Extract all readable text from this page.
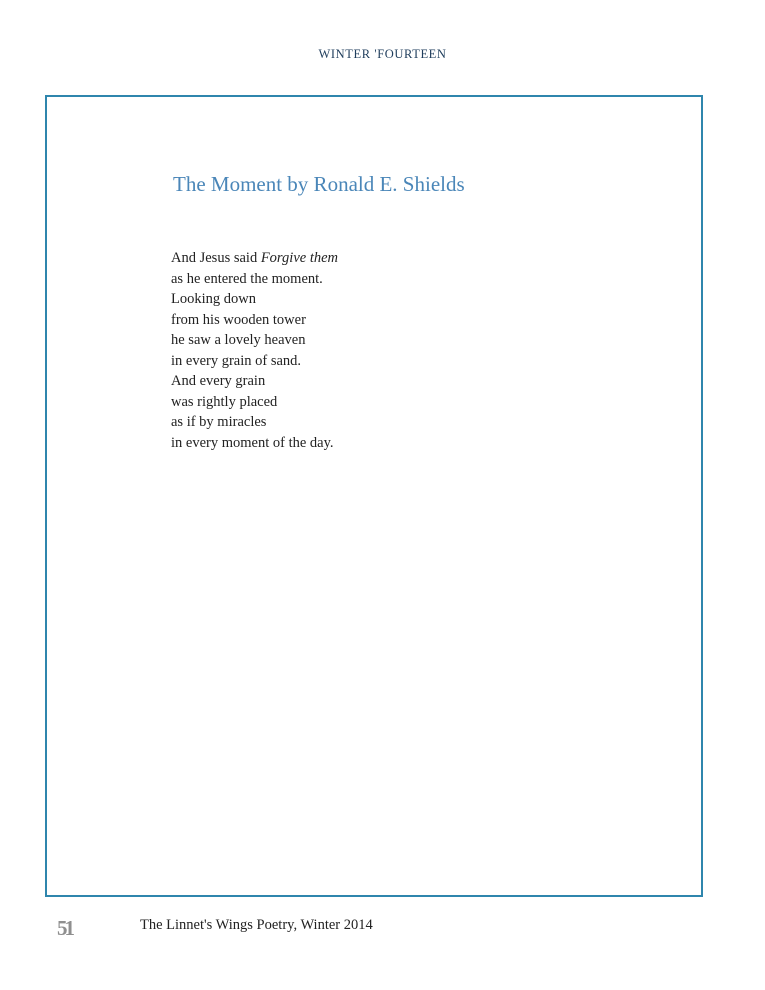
WINTER 'FOURTEEN
The Moment by Ronald E. Shields
And Jesus said Forgive them
as he entered the moment.
Looking down
from his wooden tower
he saw a lovely heaven
in every grain of sand.
And every grain
was rightly placed
as if by miracles
in every moment of the day.
51	The Linnet's Wings Poetry, Winter 2014
